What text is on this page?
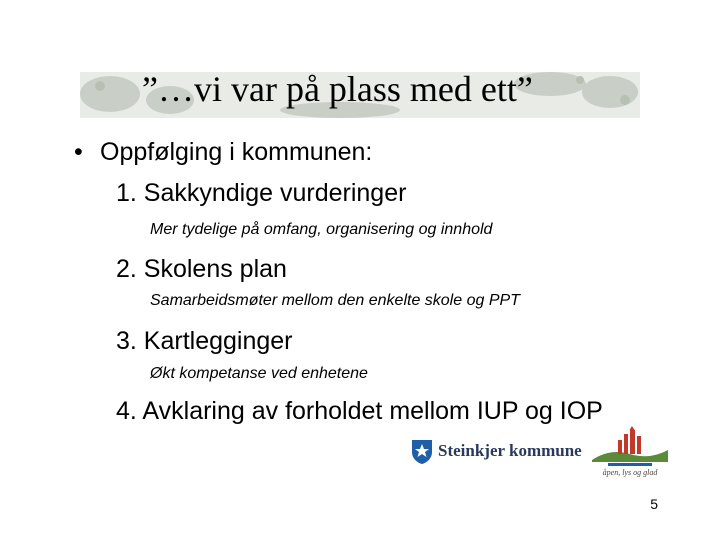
”…vi var på plass med ett”
• Oppfølging i kommunen:
1. Sakkyndige vurderinger
Mer tydelige på omfang, organisering og innhold
2. Skolens plan
Samarbeidsmøter mellom den enkelte skole og PPT
3. Kartlegginger
Økt kompetanse ved enhetene
4. Avklaring av forholdet mellom IUP og IOP
Steinkjer kommune
åpen, lys og glad
5
